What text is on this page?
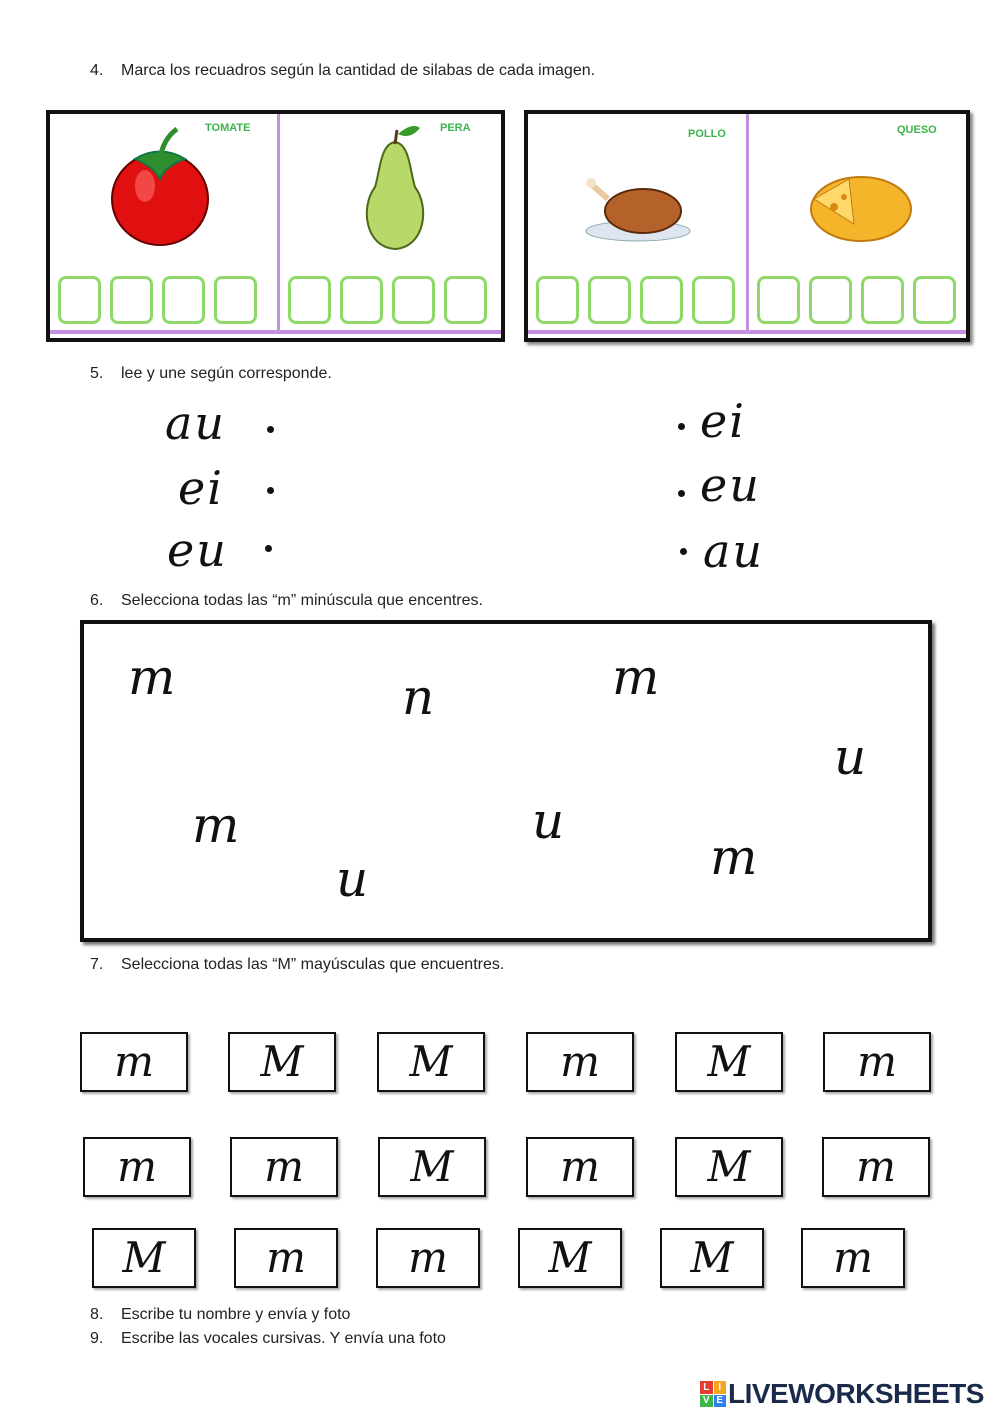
4. Marca los recuadros según la cantidad de silabas de cada imagen.
TOMATE	PERA	POLLO	QUESO
5. lee y une según corresponde.
au
ei
eu
ei
eu
au
6. Selecciona todas las “m” minúscula que encentres.
m	n	m
u
m
u
u
m
7. Selecciona todas las “M” mayúsculas que encuentres.
m	M	M	m	M	m
m	m	M	m	M	m
M m m M M m
8. Escribe tu nombre y envía y foto
9. Escribe las vocales cursivas. Y envía una foto
L I
V E LIVEWORKSHEETS
